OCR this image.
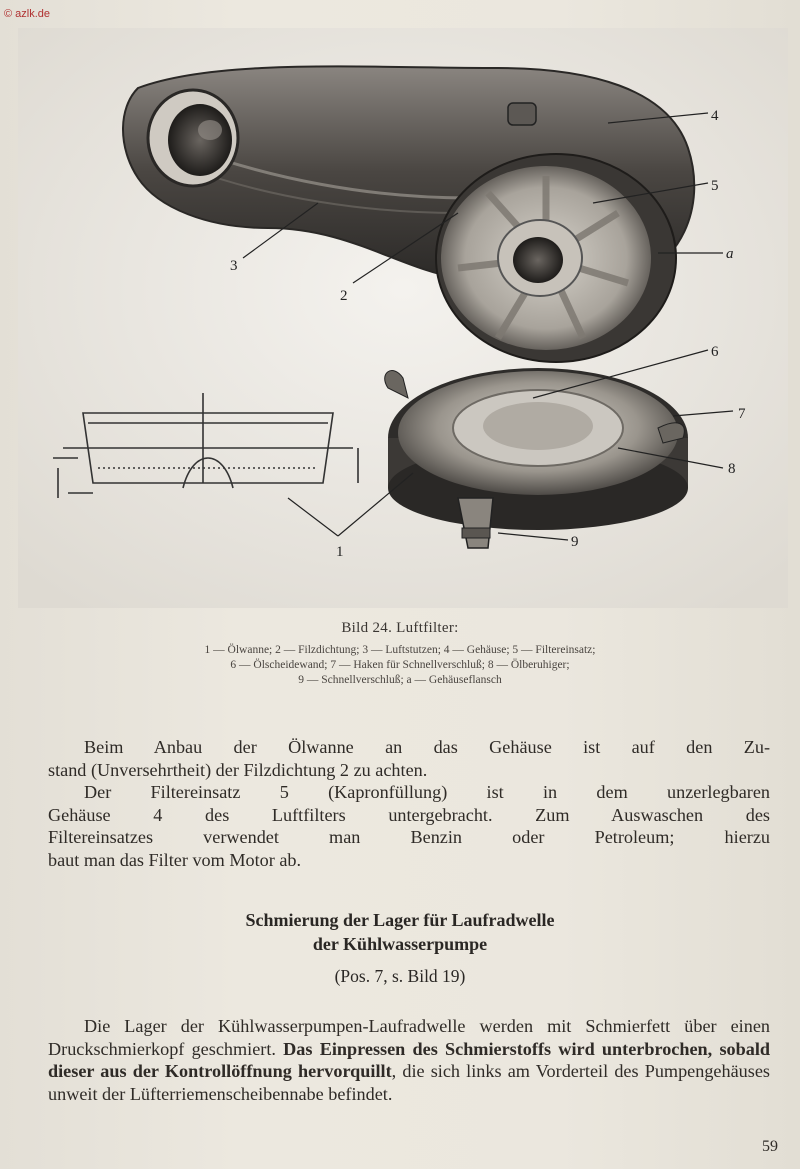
© azlk.de
4
5
a
3
2
6
7
8
9
1
Bild 24. Luftfilter:
1 — Ölwanne; 2 — Filzdichtung; 3 — Luftstutzen; 4 — Gehäuse; 5 — Filtereinsatz;
6 — Ölscheidewand; 7 — Haken für Schnellverschluß; 8 — Ölberuhiger;
9 — Schnellverschluß; a — Gehäuseflansch
Beim Anbau der Ölwanne an das Gehäuse ist auf den Zu-
stand (Unversehrtheit) der Filzdichtung 2 zu achten.
Der Filtereinsatz 5 (Kapronfüllung) ist in dem unzerlegbaren
Gehäuse 4 des Luftfilters untergebracht. Zum Auswaschen des
Filtereinsatzes verwendet man Benzin oder Petroleum; hierzu
baut man das Filter vom Motor ab.
Schmierung der Lager für Laufradwelle
der Kühlwasserpumpe
(Pos. 7, s. Bild 19)
Die Lager der Kühlwasserpumpen-Laufradwelle werden mit Schmierfett über einen Druckschmierkopf geschmiert. Das Einpressen des Schmierstoffs wird unterbrochen, sobald dieser aus der Kontrollöffnung hervorquillt, die sich links am Vorderteil des Pumpengehäuses unweit der Lüfterriemenscheibennabe befindet.
59
